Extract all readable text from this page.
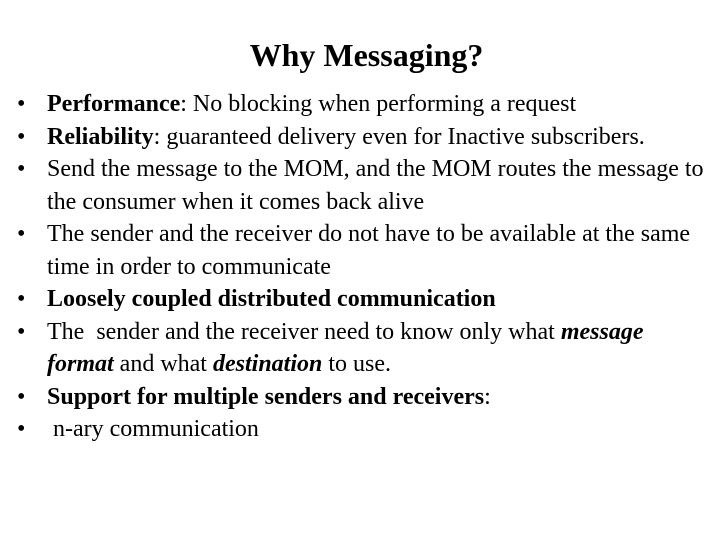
Why Messaging?
• Performance: No blocking when performing a request
• Reliability: guaranteed delivery even for Inactive subscribers.
• Send the message to the MOM, and the MOM routes the message to the consumer when it comes back alive
• The sender and the receiver do not have to be available at the same time in order to communicate
• Loosely coupled distributed communication
• The  sender and the receiver need to know only what message format and what destination to use.
• Support for multiple senders and receivers:
• n-ary communication
